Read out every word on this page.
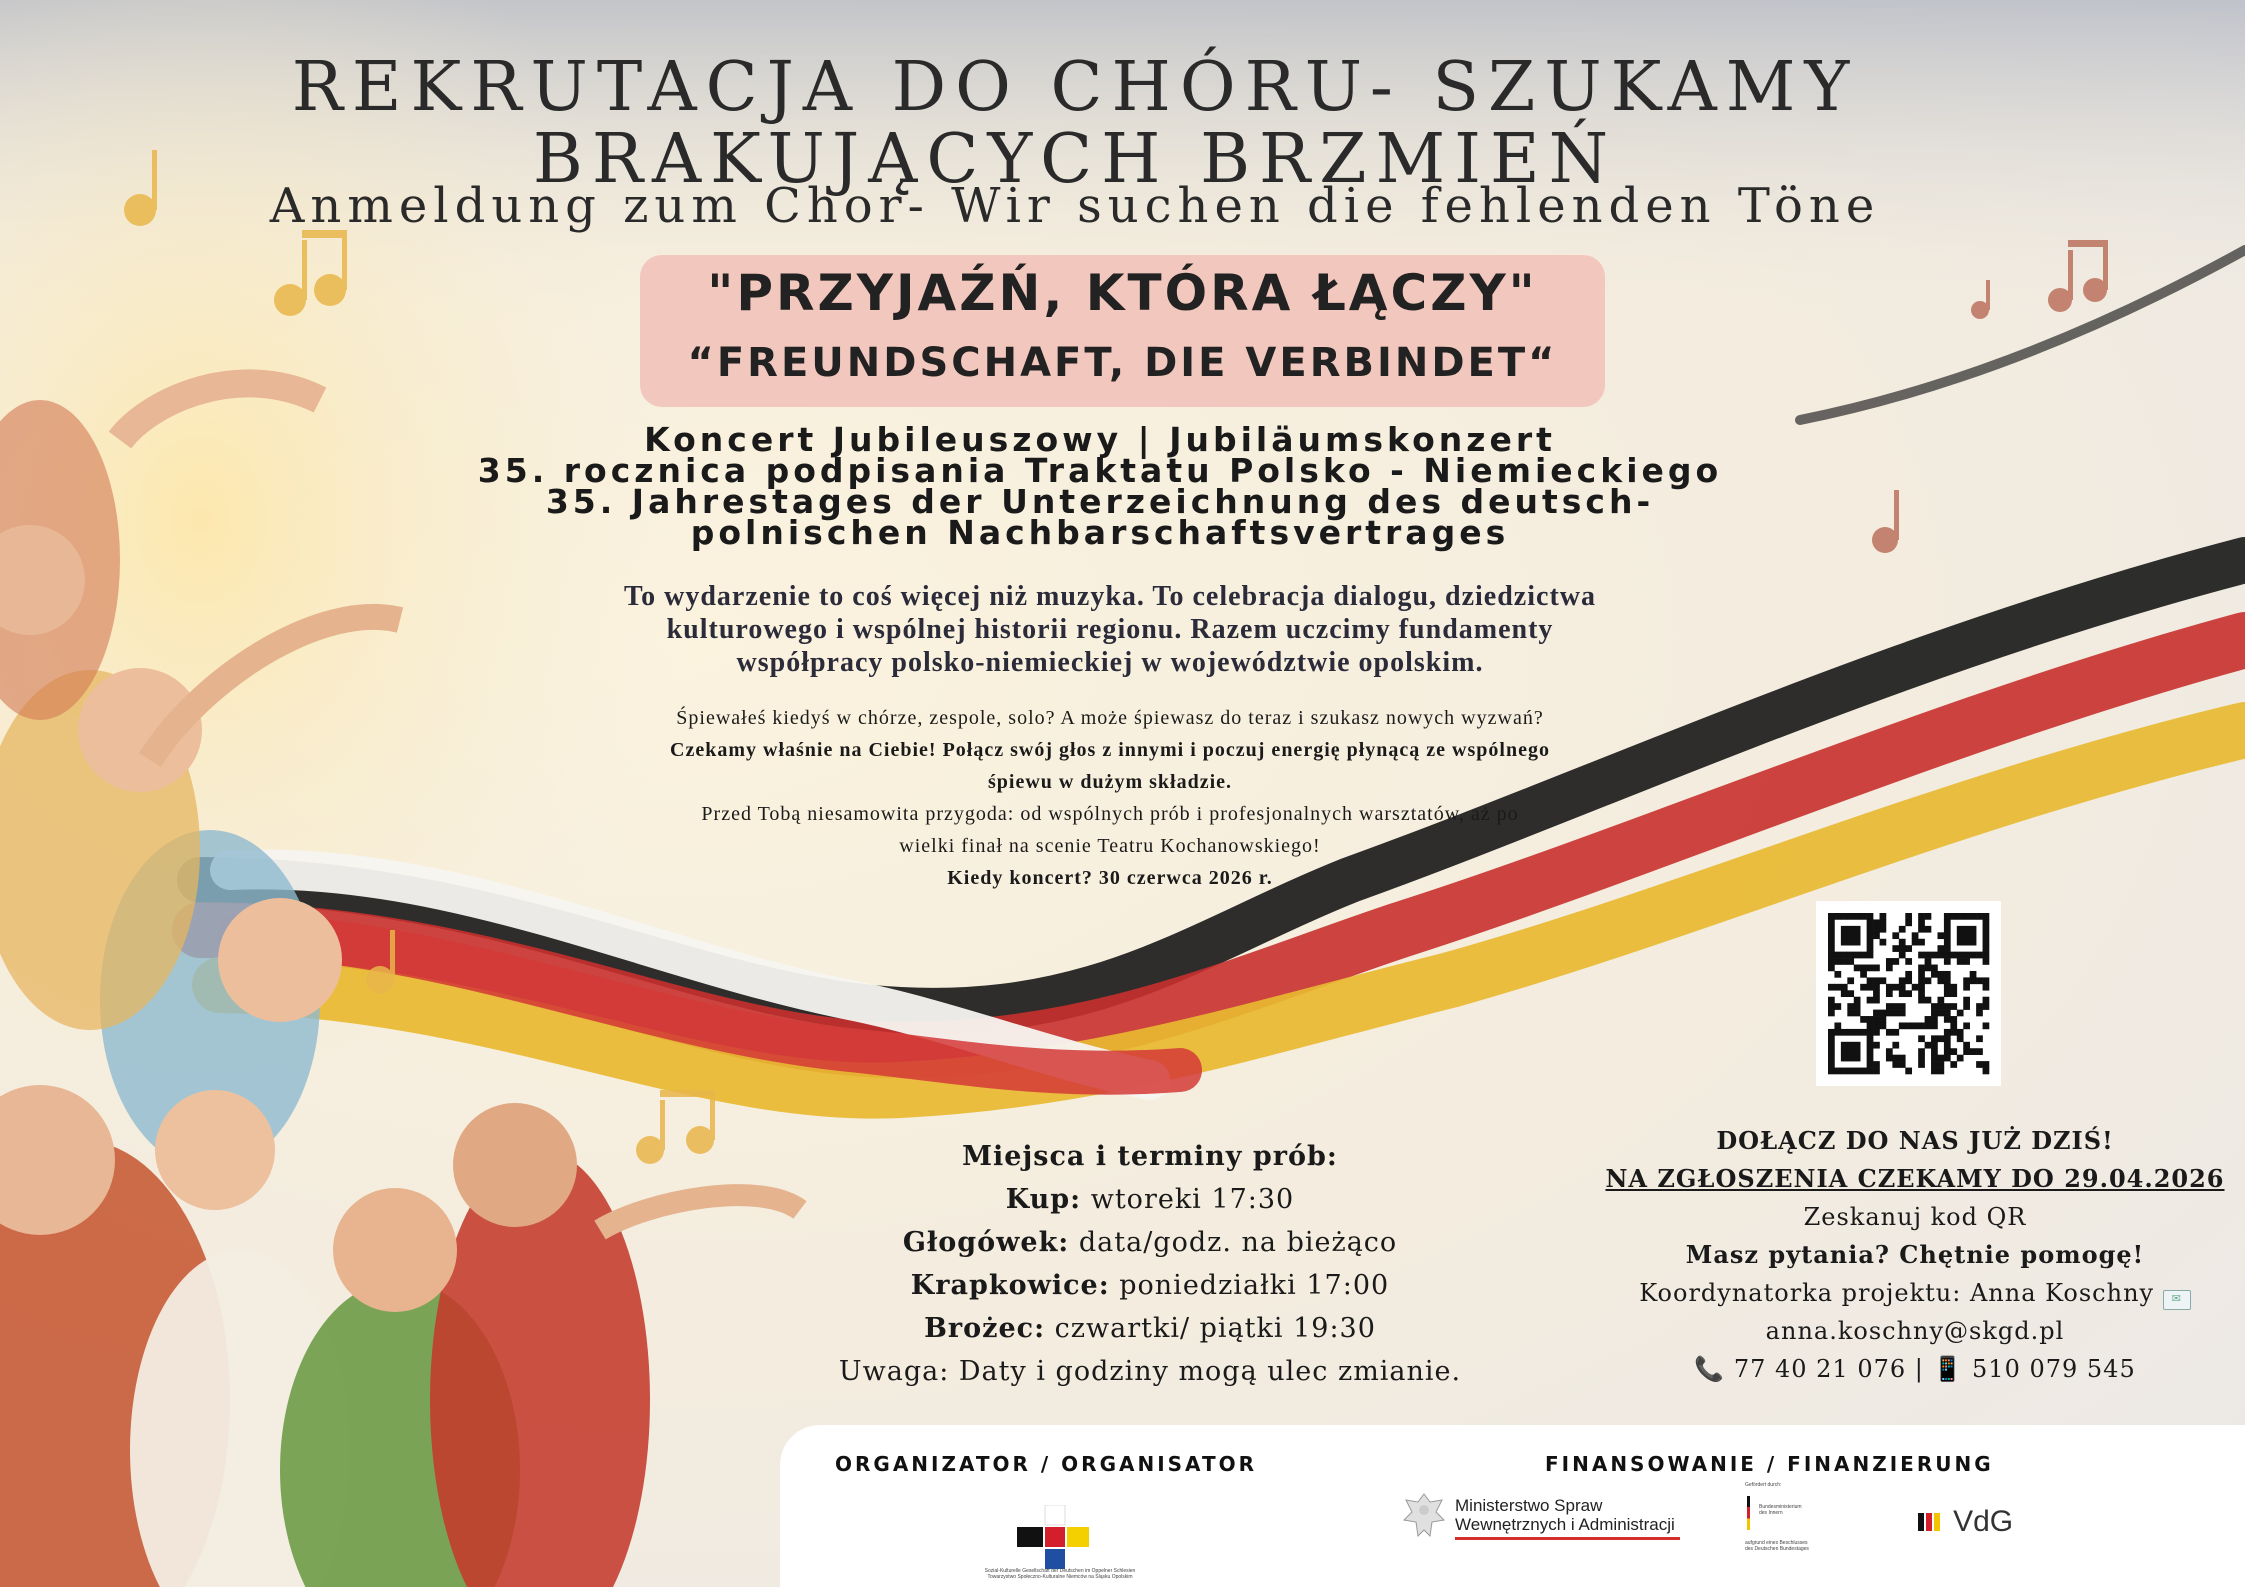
REKRUTACJA DO CHÓRU- SZUKAMY
BRAKUJĄCYCH BRZMIEŃ
Anmeldung zum Chor- Wir suchen die fehlenden Töne
"PRZYJAŹŃ, KTÓRA ŁĄCZY"
“FREUNDSCHAFT, DIE VERBINDET“
Koncert Jubileuszowy | Jubiläumskonzert
35. rocznica podpisania Traktatu Polsko - Niemieckiego
35. Jahrestages der Unterzeichnung des deutsch-
polnischen Nachbarschaftsvertrages
To wydarzenie to coś więcej niż muzyka. To celebracja dialogu, dziedzictwa
kulturowego i wspólnej historii regionu. Razem uczcimy fundamenty
współpracy polsko-niemieckiej w województwie opolskim.
Śpiewałeś kiedyś w chórze, zespole, solo? A może śpiewasz do teraz i szukasz nowych wyzwań?
Czekamy właśnie na Ciebie! Połącz swój głos z innymi i poczuj energię płynącą ze wspólnego
śpiewu w dużym składzie.
Przed Tobą niesamowita przygoda: od wspólnych prób i profesjonalnych warsztatów, aż po
wielki finał na scenie Teatru Kochanowskiego!
Kiedy koncert? 30 czerwca 2026 r.
Miejsca i terminy prób:
Kup: wtoreki 17:30
Głogówek: data/godz. na bieżąco
Krapkowice: poniedziałki 17:00
Brożec: czwartki/ piątki 19:30
Uwaga: Daty i godziny mogą ulec zmianie.
DOŁĄCZ DO NAS JUŻ DZIŚ!
NA ZGŁOSZENIA CZEKAMY DO 29.04.2026
Zeskanuj kod QR
Masz pytania? Chętnie pomogę!
Koordynatorka projektu: Anna Koschny ✉
anna.koschny@skgd.pl
📞 77 40 21 076 | 📱 510 079 545
ORGANIZATOR / ORGANISATOR	FINANSOWANIE / FINANZIERUNG
Sozial-Kulturelle Gesellschaft der Deutschen im Oppelner Schlesien
Towarzystwo Społeczno-Kulturalne Niemców na Śląsku Opolskim
Ministerstwo Spraw
Wewnętrznych i Administracji
Gefördert durch:
Bundesministerium
des Innern
aufgrund eines Beschlusses
des Deutschen Bundestages
VdG
